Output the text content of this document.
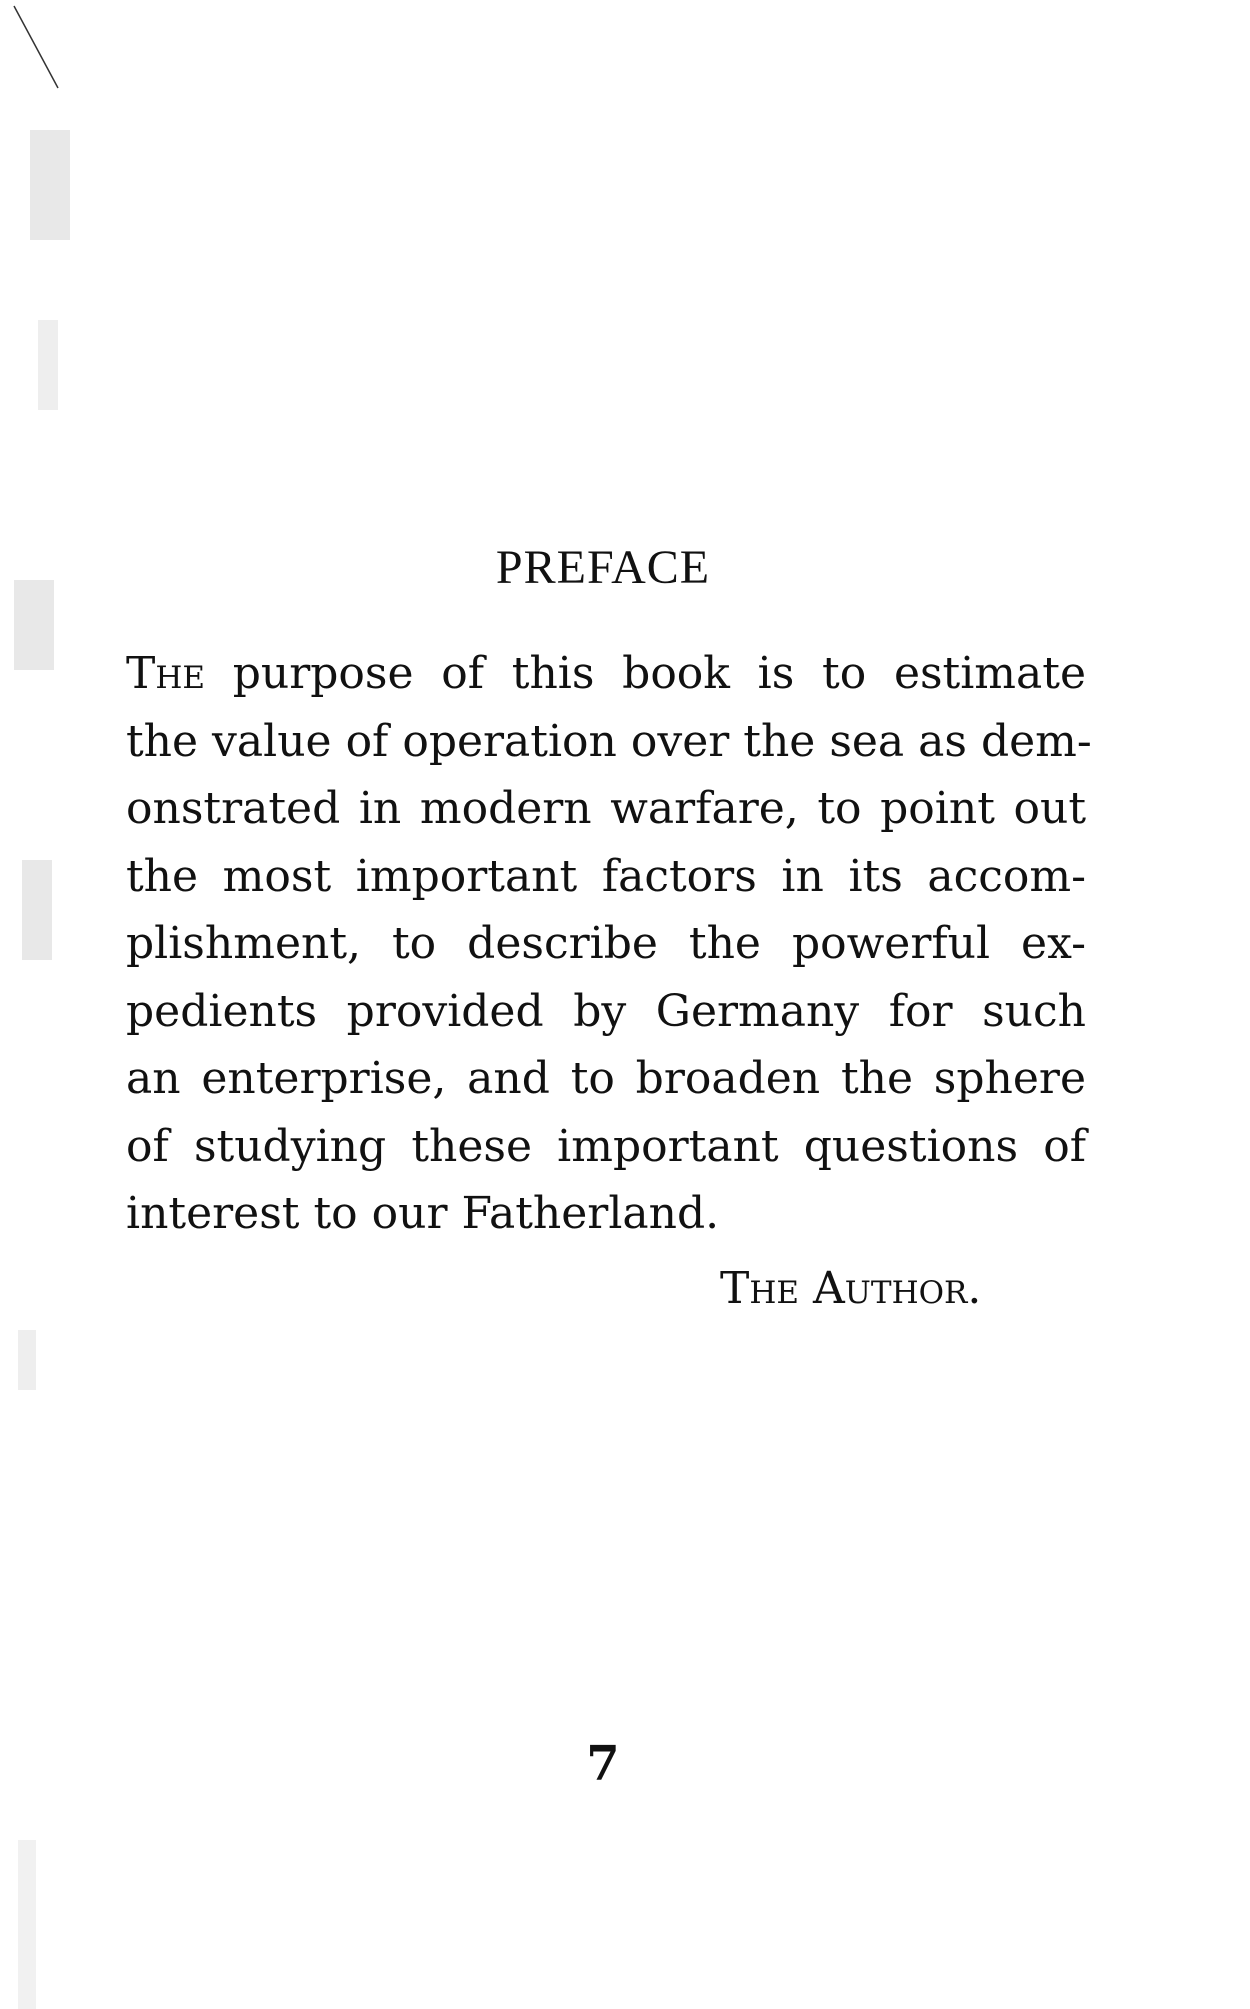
PREFACE
The purpose of this book is to estimate
the value of operation over the sea as dem-
onstrated in modern warfare, to point out
the most important factors in its accom-
plishment, to describe the powerful ex-
pedients provided by Germany for such
an enterprise, and to broaden the sphere
of studying these important questions of
interest to our Fatherland.

The Author.

7
